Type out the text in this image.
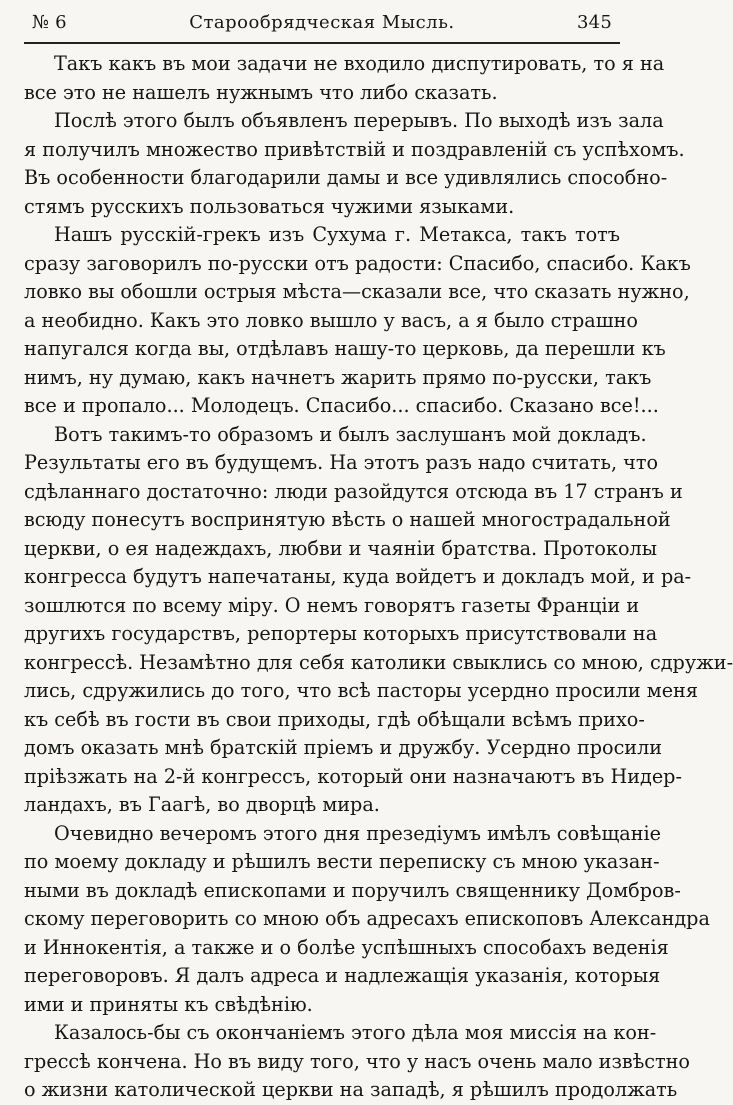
№ 6	Старообрядческая Мысль.	345
Такъ какъ въ мои задачи не входило диспутировать, то я на
все это не нашелъ нужнымъ что либо сказать.
Послѣ этого былъ объявленъ перерывъ. По выходѣ изъ зала
я получилъ множество привѣтствій и поздравленій съ успѣхомъ.
Въ особенности благодарили дамы и все удивлялись способно-
стямъ русскихъ пользоваться чужими языками.
Нашъ русскій-грекъ изъ Сухума г. Метакса, такъ тотъ
сразу заговорилъ по-русски отъ радости: Спасибо, спасибо. Какъ
ловко вы обошли острыя мѣста—сказали все, что сказать нужно,
а необидно. Какъ это ловко вышло у васъ, а я было страшно
напугался когда вы, отдѣлавъ нашу-то церковь, да перешли къ
нимъ, ну думаю, какъ начнетъ жарить прямо по-русски, такъ
все и пропало... Молодецъ. Спасибо... спасибо. Сказано все!...
Вотъ такимъ-то образомъ и былъ заслушанъ мой докладъ.
Результаты его въ будущемъ. На этотъ разъ надо считать, что
сдѣланнаго достаточно: люди разойдутся отсюда въ 17 странъ и
всюду понесутъ воспринятую вѣсть о нашей многострадальной
церкви, о ея надеждахъ, любви и чаяніи братства. Протоколы
конгресса будутъ напечатаны, куда войдетъ и докладъ мой, и ра-
зошлются по всему міру. О немъ говорятъ газеты Франціи и
другихъ государствъ, репортеры которыхъ присутствовали на
конгрессѣ. Незамѣтно для себя католики свыклись со мною, сдружи-
лись, сдружились до того, что всѣ пасторы усердно просили меня
къ себѣ въ гости въ свои приходы, гдѣ обѣщали всѣмъ прихо-
домъ оказать мнѣ братскій пріемъ и дружбу. Усердно просили
пріѣзжать на 2-й конгрессъ, который они назначаютъ въ Нидер-
ландахъ, въ Гаагѣ, во дворцѣ мира.
Очевидно вечеромъ этого дня презедіумъ имѣлъ совѣщаніе
по моему докладу и рѣшилъ вести переписку съ мною указан-
ными въ докладѣ епископами и поручилъ священнику Домбров-
скому переговорить со мною объ адресахъ епископовъ Александра
и Иннокентія, а также и о болѣе успѣшныхъ способахъ веденія
переговоровъ. Я далъ адреса и надлежащія указанія, которыя
ими и приняты къ свѣдѣнію.
Казалось-бы съ окончаніемъ этого дѣла моя миссія на кон-
грессѣ кончена. Но въ виду того, что у насъ очень мало извѣстно
о жизни католической церкви на западѣ, я рѣшилъ продолжать
